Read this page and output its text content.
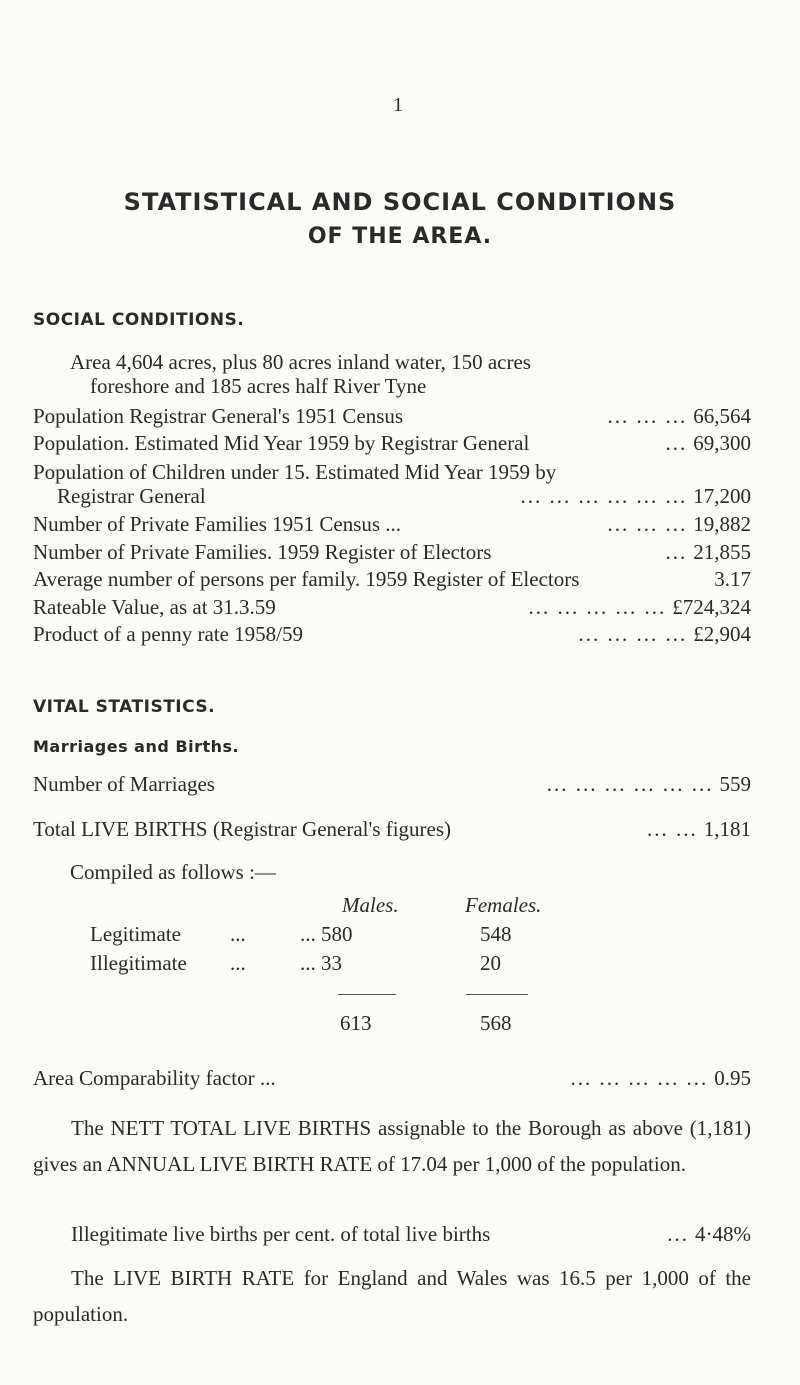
1
STATISTICAL AND SOCIAL CONDITIONS
OF THE AREA.
SOCIAL CONDITIONS.
Area 4,604 acres, plus 80 acres inland water, 150 acres
foreshore and 185 acres half River Tyne
Population Registrar General's 1951 Census	... ... ... 66,564
Population. Estimated Mid Year 1959 by Registrar General	... 69,300
Population of Children under 15. Estimated Mid Year 1959 by
Registrar General	... ... ... ... ... ... 17,200
Number of Private Families 1951 Census ...	... ... ... 19,882
Number of Private Families. 1959 Register of Electors	... 21,855
Average number of persons per family. 1959 Register of Electors	3.17
Rateable Value, as at 31.3.59	... ... ... ... ... £724,324
Product of a penny rate 1958/59	... ... ... ... £2,904
VITAL STATISTICS.
Marriages and Births.
Number of Marriages	... ... ... ... ... ... 559
Total LIVE BIRTHS (Registrar General's figures)	... ... 1,181
Compiled as follows :—
Males.	Females.
Legitimate ...	... 580	548
Illegitimate ...	... 33	20
613	568
Area Comparability factor ...	... ... ... ... ... 0.95
The NETT TOTAL LIVE BIRTHS assignable to the Borough as above (1,181) gives an ANNUAL LIVE BIRTH RATE of 17.04 per 1,000 of the population.
Illegitimate live births per cent. of total live births	... 4·48%
The LIVE BIRTH RATE for England and Wales was 16.5 per 1,000 of the population.
